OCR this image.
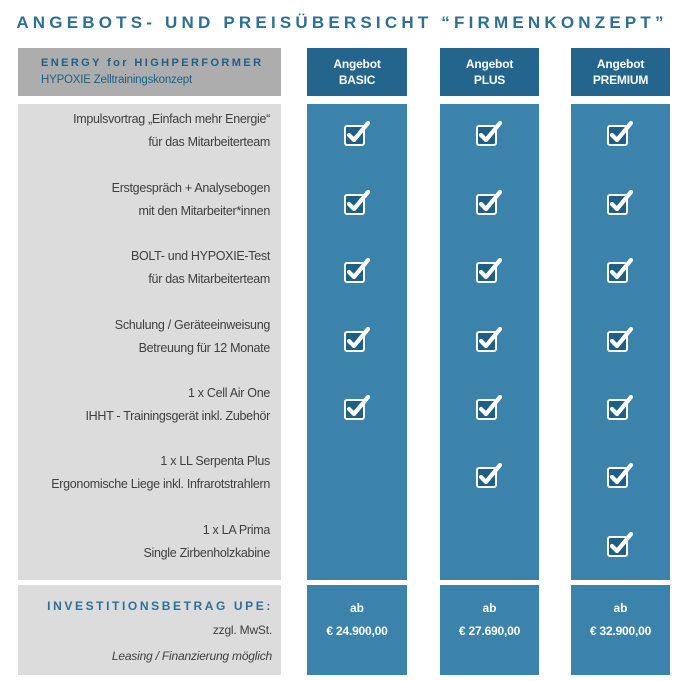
ANGEBOTS- UND PREISÜBERSICHT “FIRMENKONZEPT”
ENERGY for HIGHPERFORMER
HYPOXIE Zelltrainingskonzept
Angebot
BASIC
Angebot
PLUS
Angebot
PREMIUM
Impulsvortrag „Einfach mehr Energie“
für das Mitarbeiterteam
Erstgespräch + Analysebogen
mit den Mitarbeiter*innen
BOLT- und HYPOXIE-Test
für das Mitarbeiterteam
Schulung / Geräteeinweisung
Betreuung für 12 Monate
1 x Cell Air One
IHHT - Trainingsgerät inkl. Zubehör
1 x LL Serpenta Plus
Ergonomische Liege inkl. Infrarotstrahlern
1 x LA Prima
Single Zirbenholzkabine
INVESTITIONSBETRAG UPE:
zzgl. MwSt.
Leasing / Finanzierung möglich
ab
€ 24.900,00
ab
€ 27.690,00
ab
€ 32.900,00
